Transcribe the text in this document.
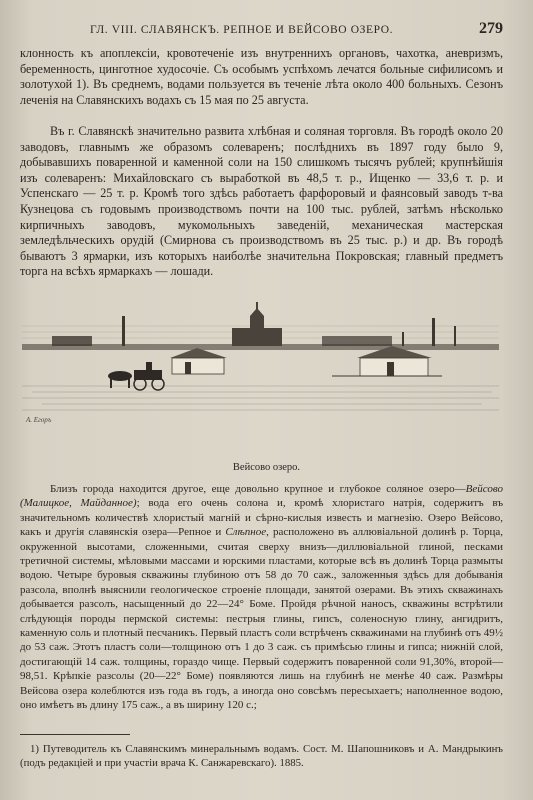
ГЛ. VIII. СЛАВЯНСКЪ. РЕПНОЕ И ВЕЙСОВО ОЗЕРО.	279
клонность къ апоплексіи, кровотеченіе изъ внутреннихъ органовъ, чахотка, аневризмъ, беременность, цинготное худосочіе. Съ особымъ успѣхомъ лечатся больные сифилисомъ и золотухой 1). Въ среднемъ, водами пользуется въ теченіе лѣта около 400 больныхъ. Сезонъ леченія на Славянскихъ водахъ съ 15 мая по 25 августа.
Въ г. Славянскѣ значительно развита хлѣбная и соляная торговля. Въ городѣ около 20 заводовъ, главнымъ же образомъ солеваренъ; послѣднихъ въ 1897 году было 9, добывавшихъ поваренной и каменной соли на 150 слишкомъ тысячъ рублей; крупнѣйшія изъ солеваренъ: Михайловскаго съ выработкой въ 48,5 т. р., Ищенко — 33,6 т. р. и Успенскаго — 25 т. р. Кромѣ того здѣсь работаетъ фарфоровый и фаянсовый заводъ т-ва Кузнецова съ годовымъ производствомъ почти на 100 тыс. рублей, затѣмъ нѣсколько кирпичныхъ заводовъ, мукомольныхъ заведеній, механическая мастерская земледѣльческихъ орудій (Смирнова съ производствомъ въ 25 тыс. р.) и др. Въ городѣ бываютъ 3 ярмарки, изъ которыхъ наиболѣе значительна Покровская; главный предметъ торга на всѣхъ ярмаркахъ — лошади.
А. Егоръ
Вейсово озеро.
Близъ города находится другое, еще довольно крупное и глубокое соляное озеро—Вейсово (Малицкое, Майданное); вода его очень солона и, кромѣ хлористаго натрія, содержитъ въ значительномъ количествѣ хлористый магній и сѣрно-кислыя известь и магнезію. Озеро Вейсово, какъ и другія славянскія озера—Репное и Слѣпное, расположено въ аллювіальной долинѣ р. Торца, окруженной высотами, сложенными, считая сверху внизъ—диллювіальной глиной, песками третичной системы, мѣловыми массами и юрскими пластами, которые всѣ въ долинѣ Торца размыты водою. Четыре буровыя скважины глубиною отъ 58 до 70 саж., заложенныя здѣсь для добыванія разсола, вполнѣ выяснили геологическое строеніе площади, занятой озерами. Въ этихъ скважинахъ добывается разсолъ, насыщенный до 22—24° Боме. Пройдя рѣчной наносъ, скважины встрѣтили слѣдующія породы пермской системы: пестрыя глины, гипсъ, соленосную глину, ангидритъ, каменную соль и плотный песчаникъ. Первый пластъ соли встрѣченъ скважинами на глубинѣ отъ 49½ до 53 саж. Этотъ пластъ соли—толщиною отъ 1 до 3 саж. съ примѣсью глины и гипса; нижній слой, достигающій 14 саж. толщины, гораздо чище. Первый содержитъ поваренной соли 91,30%, второй—98,51. Крѣпкіе разсолы (20—22° Боме) появляются лишь на глубинѣ не менѣе 40 саж. Размѣры Вейсова озера колеблются изъ года въ годъ, а иногда оно совсѣмъ пересыхаетъ; наполненное водою, оно имѣетъ въ длину 175 саж., а въ ширину 120 с.;
1) Путеводитель къ Славянскимъ минеральнымъ водамъ. Сост. М. Шапошниковъ и А. Мандрыкинъ (подъ редакціей и при участіи врача К. Санжаревскаго). 1885.
